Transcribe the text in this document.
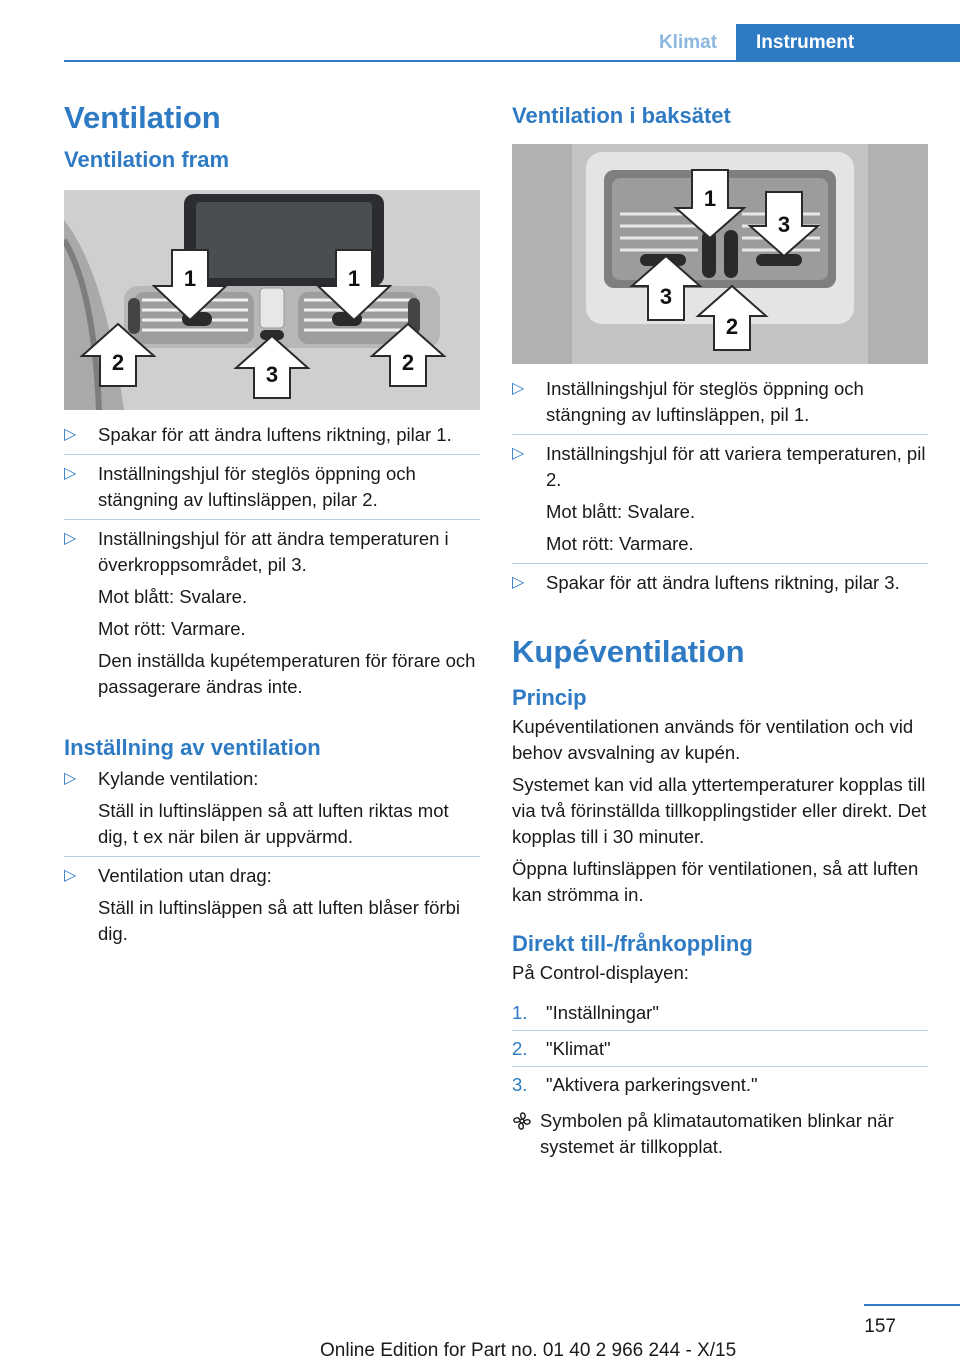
Klimat	Instrument
Ventilation
Ventilation fram
1	1
2	3	2
▷ Spakar för att ändra luftens riktning, pilar 1.

▷ Inställningshjul för steglös öppning och stängning av luftinsläppen, pilar 2.

▷ Inställningshjul för att ändra temperaturen i överkroppsområdet, pil 3.

Mot blått: Svalare.

Mot rött: Varmare.

Den inställda kupétemperaturen för förare och passagerare ändras inte.

Inställning av ventilation
▷ Kylande ventilation:

Ställ in luftinsläppen så att luften riktas mot dig, t ex när bilen är uppvärmd.

▷ Ventilation utan drag:

Ställ in luftinsläppen så att luften blåser förbi dig.

Ventilation i baksätet
1
3
3
2
▷ Inställningshjul för steglös öppning och stängning av luftinsläppen, pil 1.

▷ Inställningshjul för att variera temperaturen, pil 2.

Mot blått: Svalare.

Mot rött: Varmare.

▷ Spakar för att ändra luftens riktning, pilar 3.

Kupéventilation
Princip

Kupéventilationen används för ventilation och vid behov avsvalning av kupén.

Systemet kan vid alla yttertemperaturer kopplas till via två förinställda tillkopplingstider eller direkt. Det kopplas till i 30 minuter.

Öppna luftinsläppen för ventilationen, så att luften kan strömma in.

Direkt till-/frånkoppling

På Control-displayen:

1. "Inställningar"
2. "Klimat"
3. "Aktivera parkeringsvent."

Symbolen på klimatautomatiken blinkar när systemet är tillkopplat.

157
Online Edition for Part no. 01 40 2 966 244 - X/15
